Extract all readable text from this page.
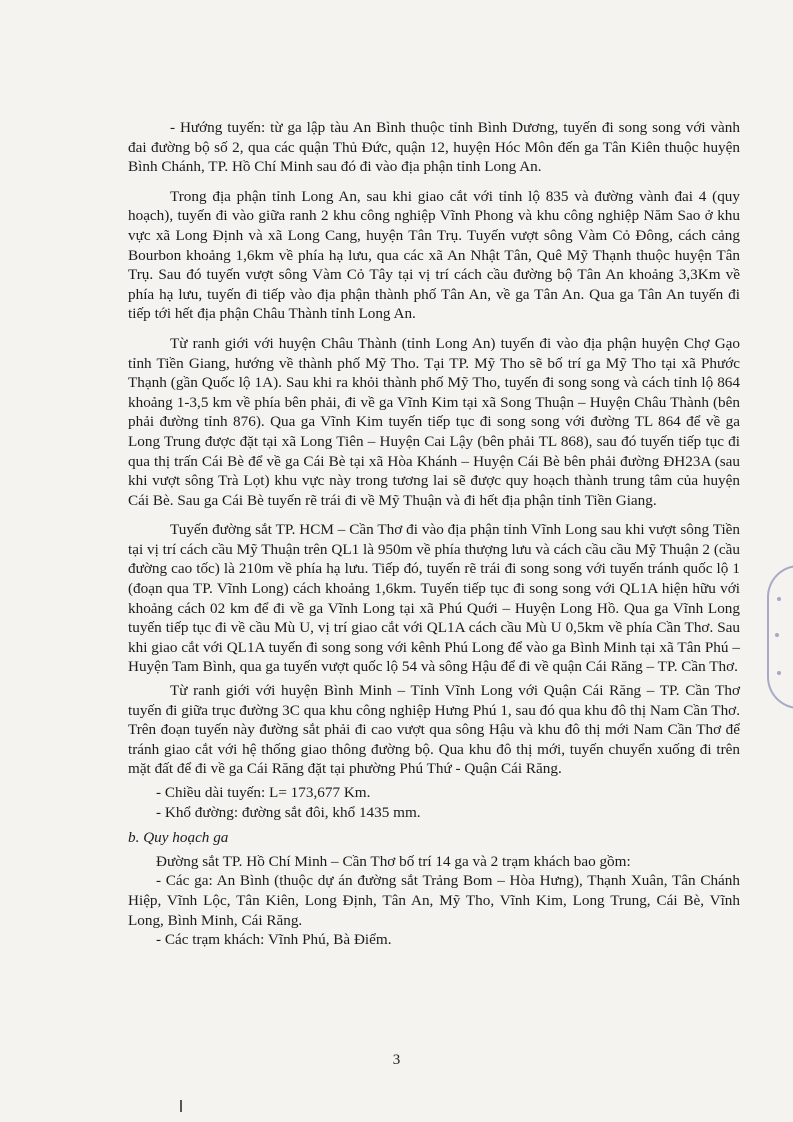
- Hướng tuyến: từ ga lập tàu An Bình thuộc tỉnh Bình Dương, tuyến đi song song với vành đai đường bộ số 2, qua các quận Thủ Đức, quận 12, huyện Hóc Môn đến ga Tân Kiên thuộc huyện Bình Chánh, TP. Hồ Chí Minh sau đó đi vào địa phận tỉnh Long An.

Trong địa phận tỉnh Long An, sau khi giao cắt với tỉnh lộ 835 và đường vành đai 4 (quy hoạch), tuyến đi vào giữa ranh 2 khu công nghiệp Vĩnh Phong và khu công nghiệp Năm Sao ở khu vực xã Long Định và xã Long Cang, huyện Tân Trụ. Tuyến vượt sông Vàm Cỏ Đông, cách cảng Bourbon khoảng 1,6km về phía hạ lưu, qua các xã An Nhật Tân, Quê Mỹ Thạnh thuộc huyện Tân Trụ. Sau đó tuyến vượt sông Vàm Cỏ Tây tại vị trí cách cầu đường bộ Tân An khoảng 3,3Km về phía hạ lưu, tuyến đi tiếp vào địa phận thành phố Tân An, về ga Tân An. Qua ga Tân An tuyến đi tiếp tới hết địa phận Châu Thành tỉnh Long An.

Từ ranh giới với huyện Châu Thành (tỉnh Long An) tuyến đi vào địa phận huyện Chợ Gạo tỉnh Tiền Giang, hướng về thành phố Mỹ Tho. Tại TP. Mỹ Tho sẽ bố trí ga Mỹ Tho tại xã Phước Thạnh (gần Quốc lộ 1A). Sau khi ra khỏi thành phố Mỹ Tho, tuyến đi song song và cách tỉnh lộ 864 khoảng 1-3,5 km về phía bên phải, đi về ga Vĩnh Kim tại xã Song Thuận – Huyện Châu Thành (bên phải đường tỉnh 876). Qua ga Vĩnh Kim tuyến tiếp tục đi song song với đường TL 864 để về ga Long Trung được đặt tại xã Long Tiên – Huyện Cai Lậy (bên phải TL 868), sau đó tuyến tiếp tục đi qua thị trấn Cái Bè để về ga Cái Bè tại xã Hòa Khánh – Huyện Cái Bè bên phải đường ĐH23A (sau khi vượt sông Trà Lọt) khu vực này trong tương lai sẽ được quy hoạch thành trung tâm của huyện Cái Bè. Sau ga Cái Bè tuyến rẽ trái đi về Mỹ Thuận và đi hết địa phận tỉnh Tiền Giang.

Tuyến đường sắt TP. HCM – Cần Thơ đi vào địa phận tỉnh Vĩnh Long sau khi vượt sông Tiền tại vị trí cách cầu Mỹ Thuận trên QL1 là 950m về phía thượng lưu và cách cầu cầu Mỹ Thuận 2 (cầu đường cao tốc) là 210m về phía hạ lưu. Tiếp đó, tuyến rẽ trái đi song song với tuyến tránh quốc lộ 1 (đoạn qua TP. Vĩnh Long) cách khoảng 1,6km. Tuyến tiếp tục đi song song với QL1A hiện hữu với khoảng cách 02 km để đi về ga Vĩnh Long tại xã Phú Quới – Huyện Long Hồ. Qua ga Vĩnh Long tuyến tiếp tục đi về cầu Mù U, vị trí giao cắt với QL1A cách cầu Mù U 0,5km về phía Cần Thơ. Sau khi giao cắt với QL1A tuyến đi song song với kênh Phú Long để vào ga Bình Minh tại xã Tân Phú – Huyện Tam Bình, qua ga tuyến vượt quốc lộ 54 và sông Hậu để đi về quận Cái Răng – TP. Cần Thơ.

Từ ranh giới với huyện Bình Minh – Tỉnh Vĩnh Long với Quận Cái Răng – TP. Cần Thơ tuyến đi giữa trục đường 3C qua khu công nghiệp Hưng Phú 1, sau đó qua khu đô thị Nam Cần Thơ. Trên đoạn tuyến này đường sắt phải đi cao vượt qua sông Hậu và khu đô thị mới Nam Cần Thơ để tránh giao cắt với hệ thống giao thông đường bộ. Qua khu đô thị mới, tuyến chuyển xuống đi trên mặt đất để đi về ga Cái Răng đặt tại phường Phú Thứ - Quận Cái Răng.

- Chiều dài tuyến: L= 173,677 Km.

- Khổ đường: đường sắt đôi, khổ 1435 mm.

b. Quy hoạch ga

Đường sắt TP. Hồ Chí Minh – Cần Thơ bố trí 14 ga và 2 trạm khách bao gồm:

- Các ga: An Bình (thuộc dự án đường sắt Trảng Bom – Hòa Hưng), Thạnh Xuân, Tân Chánh Hiệp, Vĩnh Lộc, Tân Kiên, Long Định, Tân An, Mỹ Tho, Vĩnh Kim, Long Trung, Cái Bè, Vĩnh Long, Bình Minh, Cái Răng.

- Các trạm khách: Vĩnh Phú, Bà Điểm.

3
